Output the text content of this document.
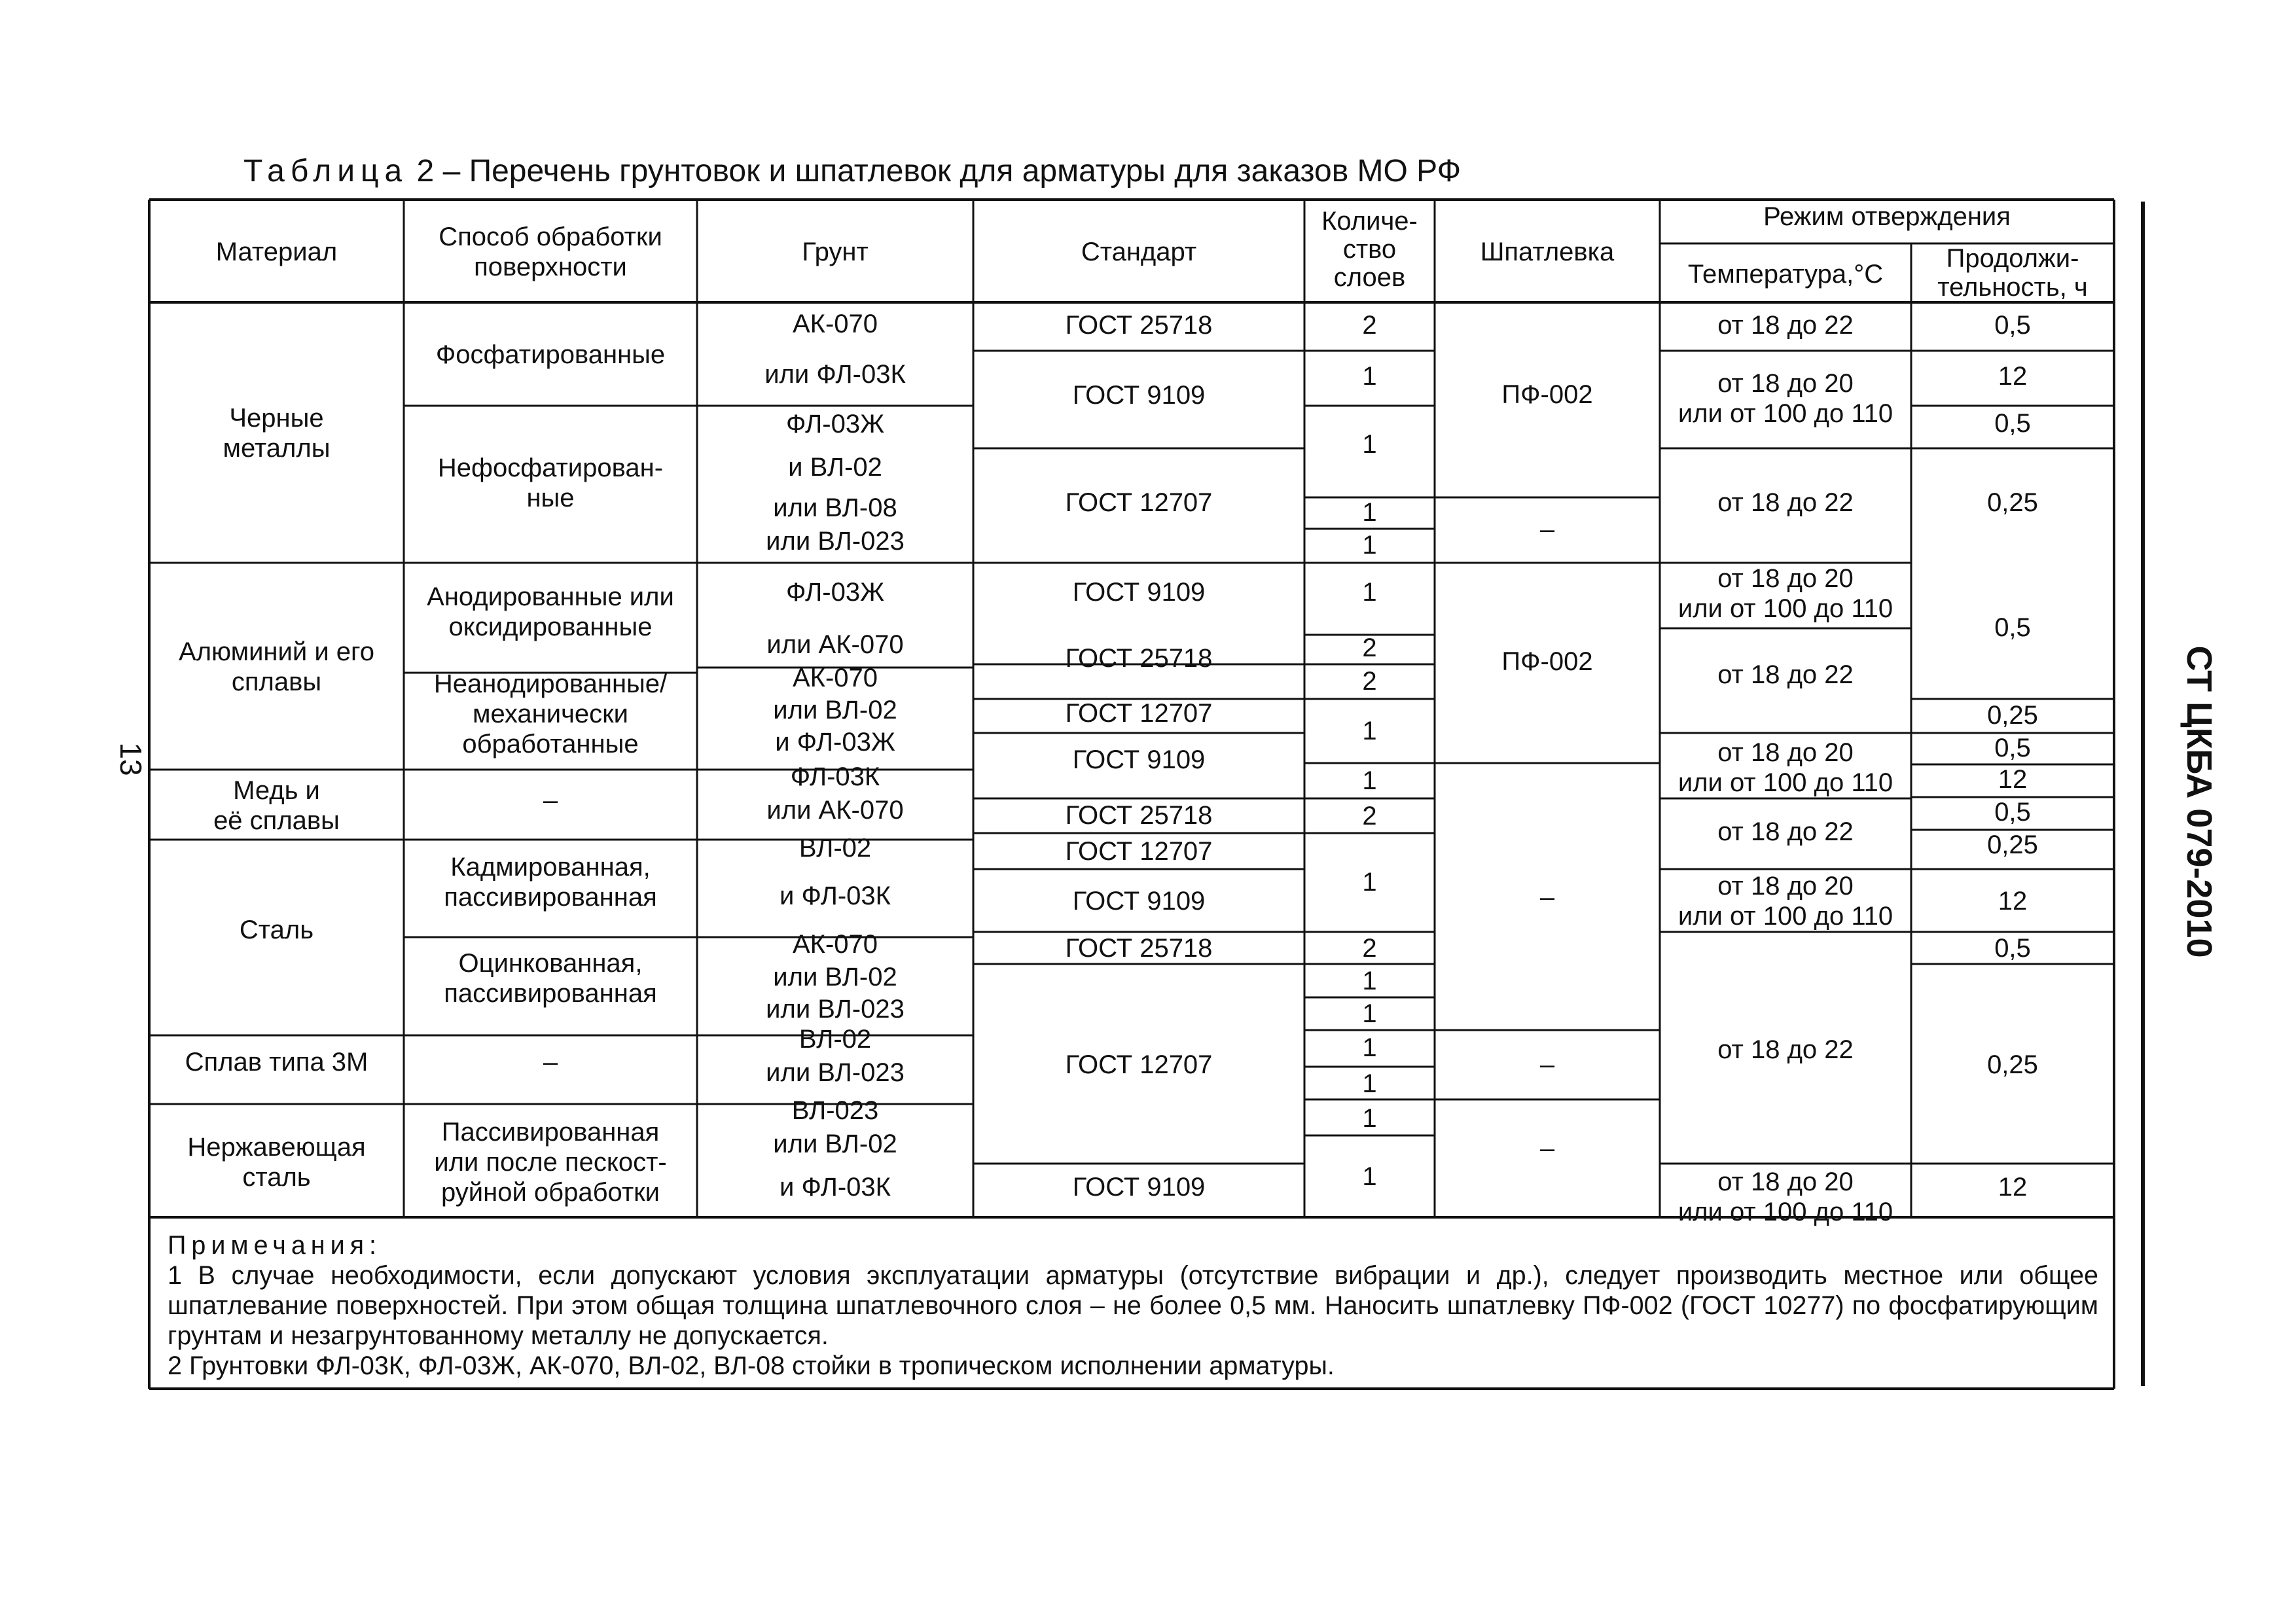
Таблица 2 – Перечень грунтовок и шпатлевок для арматуры для заказов МО РФ
Материал
Способ обработки поверхности
Грунт	Стандарт
Количе-ство слоев
Шпатлевка
Режим отверждения
Температура,°С
Продолжи-тельность, ч
Черные металлы
Алюминий и его сплавы
Медь и её сплавы
Сталь
Сплав типа 3М
Нержавеющая сталь
Фосфатированные
Нефосфатирован-ные
Анодированные или оксидированные
Неанодированные/ механически обработанные
–
Кадмированная, пассивированная
Оцинкованная, пассивированная
–
Пассивированная или после пескост-руйной обработки
АК-070
или ФЛ-03К
ФЛ-03Ж
и ВЛ-02
или ВЛ-08
или ВЛ-023
ФЛ-03Ж
или АК-070
АК-070
или ВЛ-02
и ФЛ-03Ж
ФЛ-03К
или АК-070
ВЛ-02
и ФЛ-03К
АК-070
или ВЛ-02
или ВЛ-023
ВЛ-02
или ВЛ-023
ВЛ-023
или ВЛ-02
и ФЛ-03К
ГОСТ 25718
ГОСТ 9109
ГОСТ 12707
ГОСТ 9109
ГОСТ 25718
ГОСТ 12707
ГОСТ 9109
ГОСТ 25718
ГОСТ 12707
ГОСТ 9109
ГОСТ 25718
ГОСТ 12707
ГОСТ 9109
2
1
1
1
1
1
2
2
1
1
2
1
2
1
1
1
1
1
1
ПФ-002
–
ПФ-002
–
–
–
от 18 до 22
от 18 до 20 или от 100 до 110
от 18 до 22
от 18 до 20 или от 100 до 110
от 18 до 22
от 18 до 20 или от 100 до 110
от 18 до 22
от 18 до 20 или от 100 до 110
от 18 до 22
от 18 до 20 или от 100 до 110
0,5
12
0,5
0,25
0,5
0,25
0,5
12
0,5
0,25
12
0,5
0,25
12
Примечания:

1 В случае необходимости, если допускают условия эксплуатации арматуры (отсутствие вибрации и др.), следует производить местное или общее шпатлевание поверхностей. При этом общая толщина шпатлевочного слоя – не более 0,5 мм. Наносить шпатлевку ПФ-002 (ГОСТ 10277) по фосфатирующим грунтам и незагрунтованному металлу не допускается.

2 Грунтовки ФЛ-03К, ФЛ-03Ж, АК-070, ВЛ-02, ВЛ-08 стойки в тропическом исполнении арматуры.

13	СТ ЦКБА 079-2010
